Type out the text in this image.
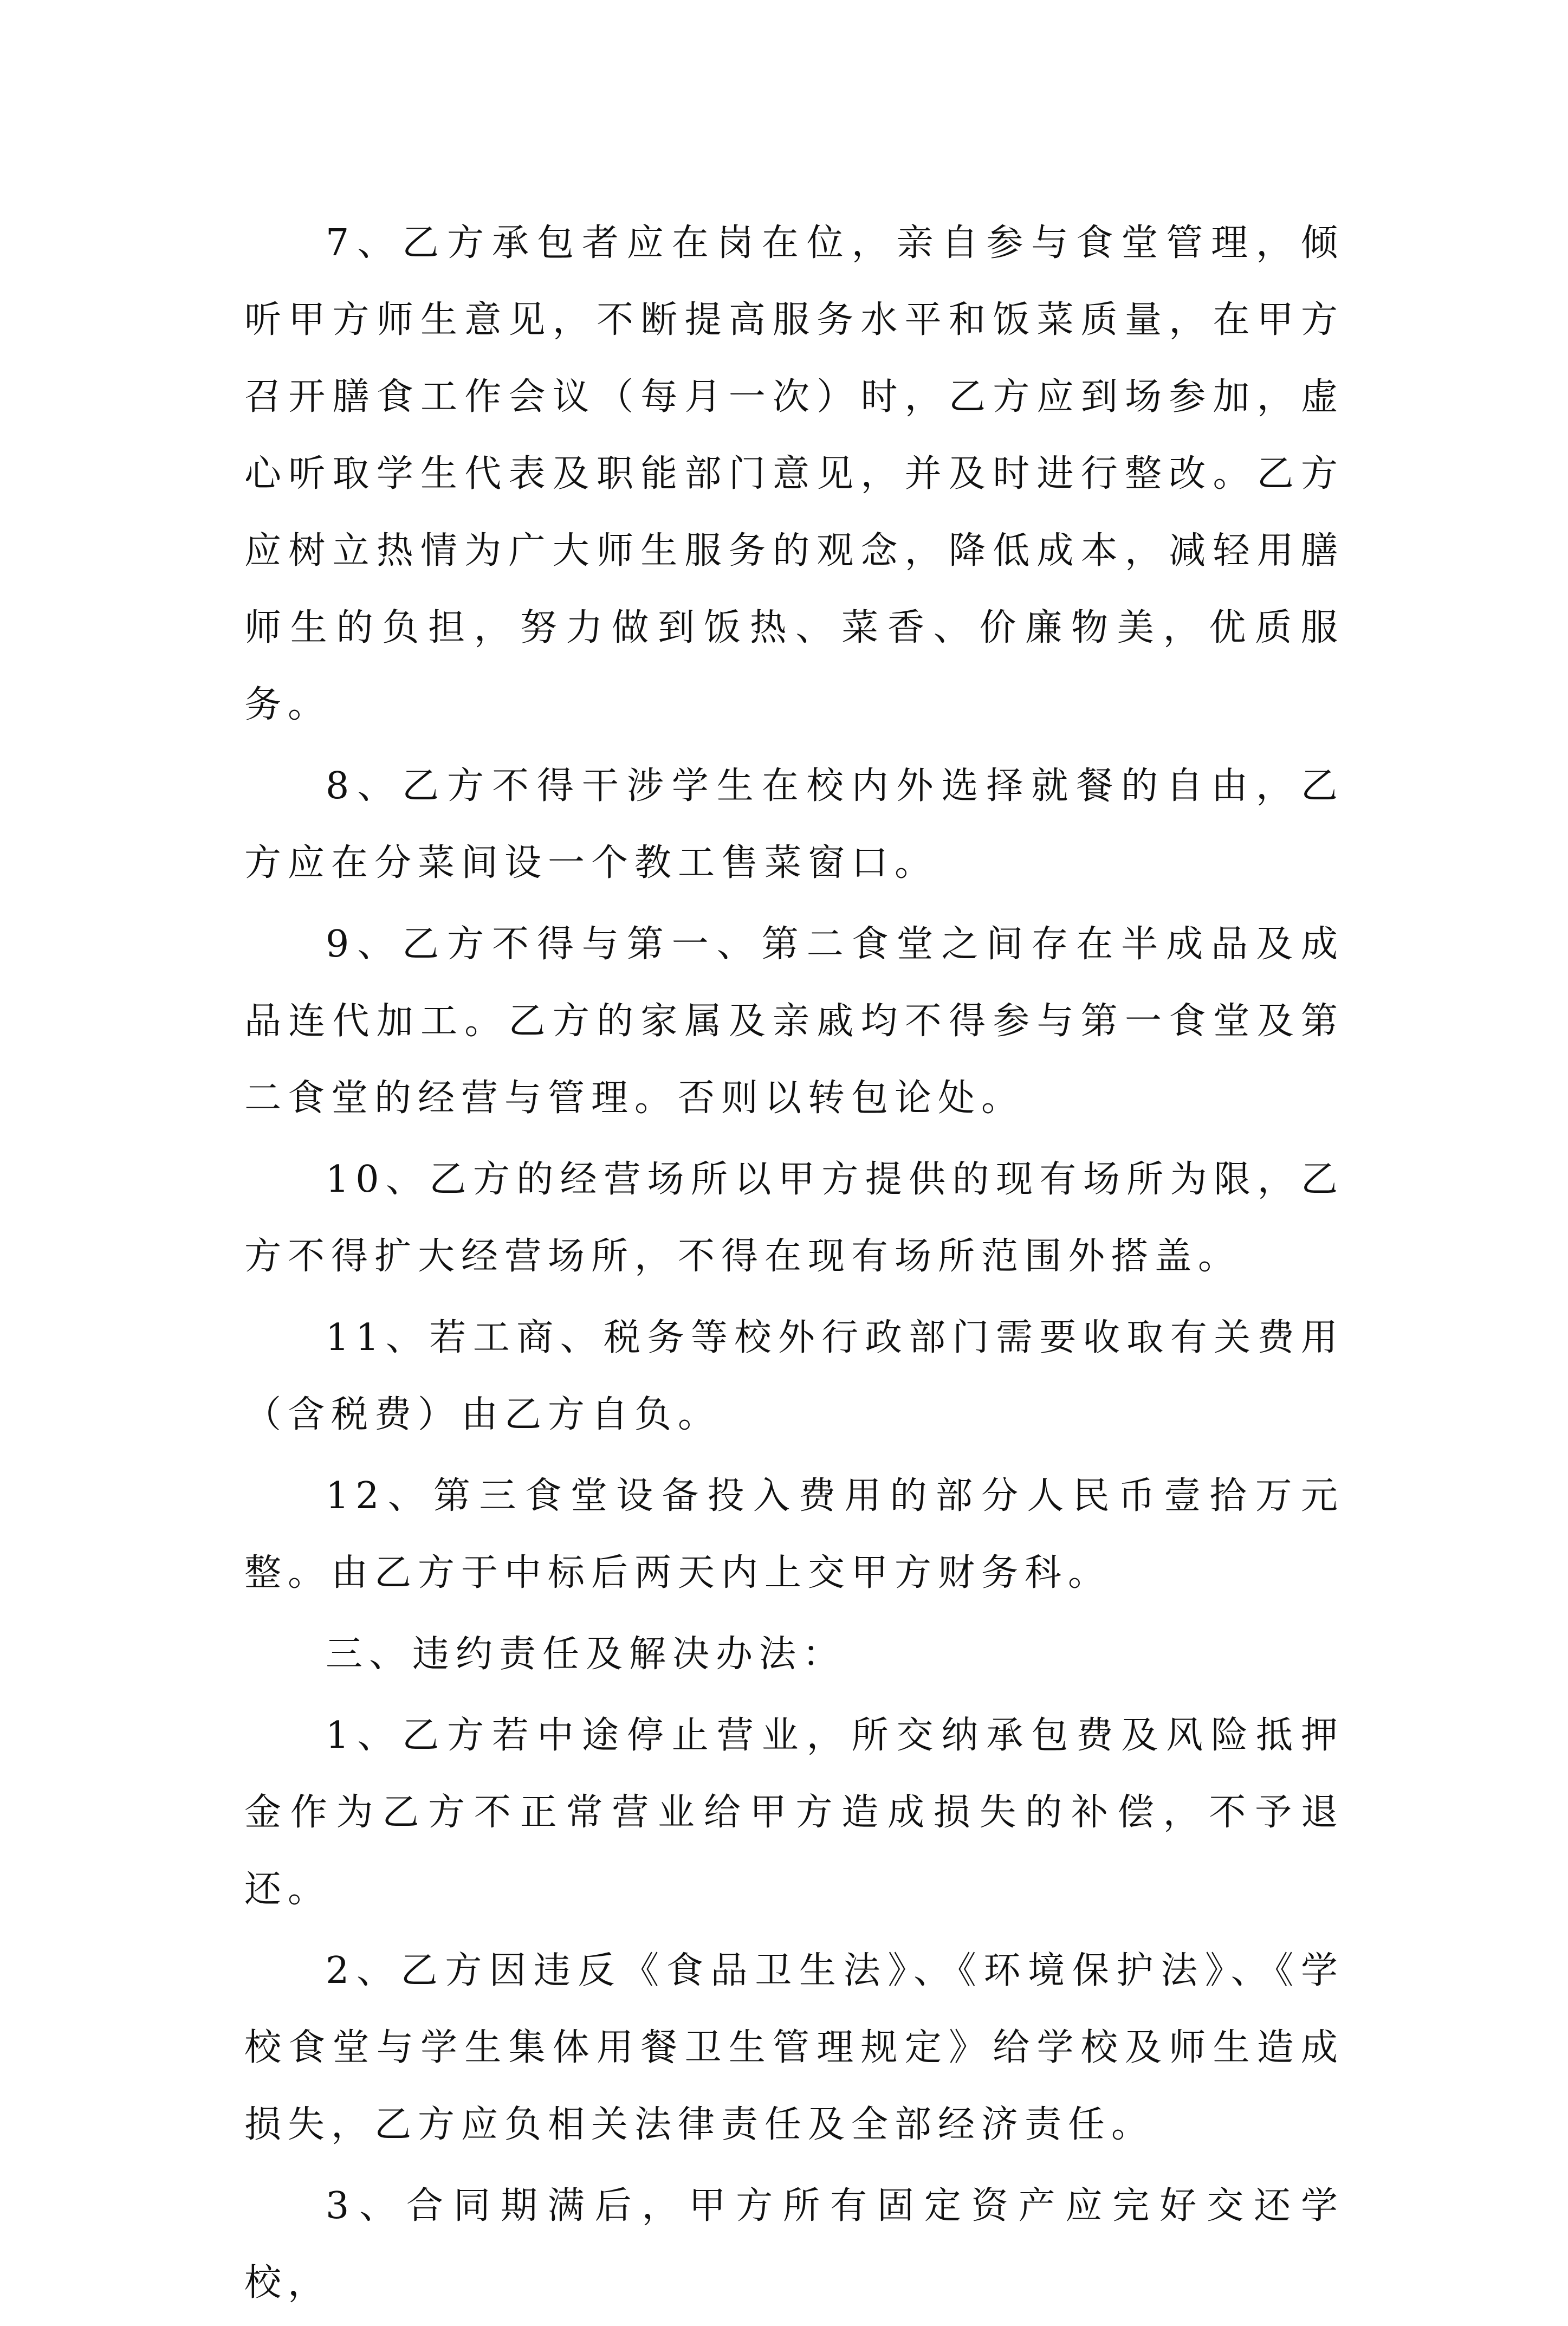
7、乙方承包者应在岗在位，亲自参与食堂管理，倾听甲方师生意见，不断提高服务水平和饭菜质量，在甲方召开膳食工作会议（每月一次）时，乙方应到场参加，虚心听取学生代表及职能部门意见，并及时进行整改。乙方应树立热情为广大师生服务的观念，降低成本，减轻用膳师生的负担，努力做到饭热、菜香、价廉物美，优质服务。

8、乙方不得干涉学生在校内外选择就餐的自由，乙方应在分菜间设一个教工售菜窗口。

9、乙方不得与第一、第二食堂之间存在半成品及成品连代加工。乙方的家属及亲戚均不得参与第一食堂及第二食堂的经营与管理。否则以转包论处。

10、乙方的经营场所以甲方提供的现有场所为限，乙方不得扩大经营场所，不得在现有场所范围外搭盖。

11、若工商、税务等校外行政部门需要收取有关费用（含税费）由乙方自负。

12、第三食堂设备投入费用的部分人民币壹拾万元整。由乙方于中标后两天内上交甲方财务科。

三、违约责任及解决办法：

1、乙方若中途停止营业，所交纳承包费及风险抵押金作为乙方不正常营业给甲方造成损失的补偿，不予退还。

2、乙方因违反《食品卫生法》、《环境保护法》、《学校食堂与学生集体用餐卫生管理规定》给学校及师生造成损失，乙方应负相关法律责任及全部经济责任。

3、合同期满后，甲方所有固定资产应完好交还学校，
